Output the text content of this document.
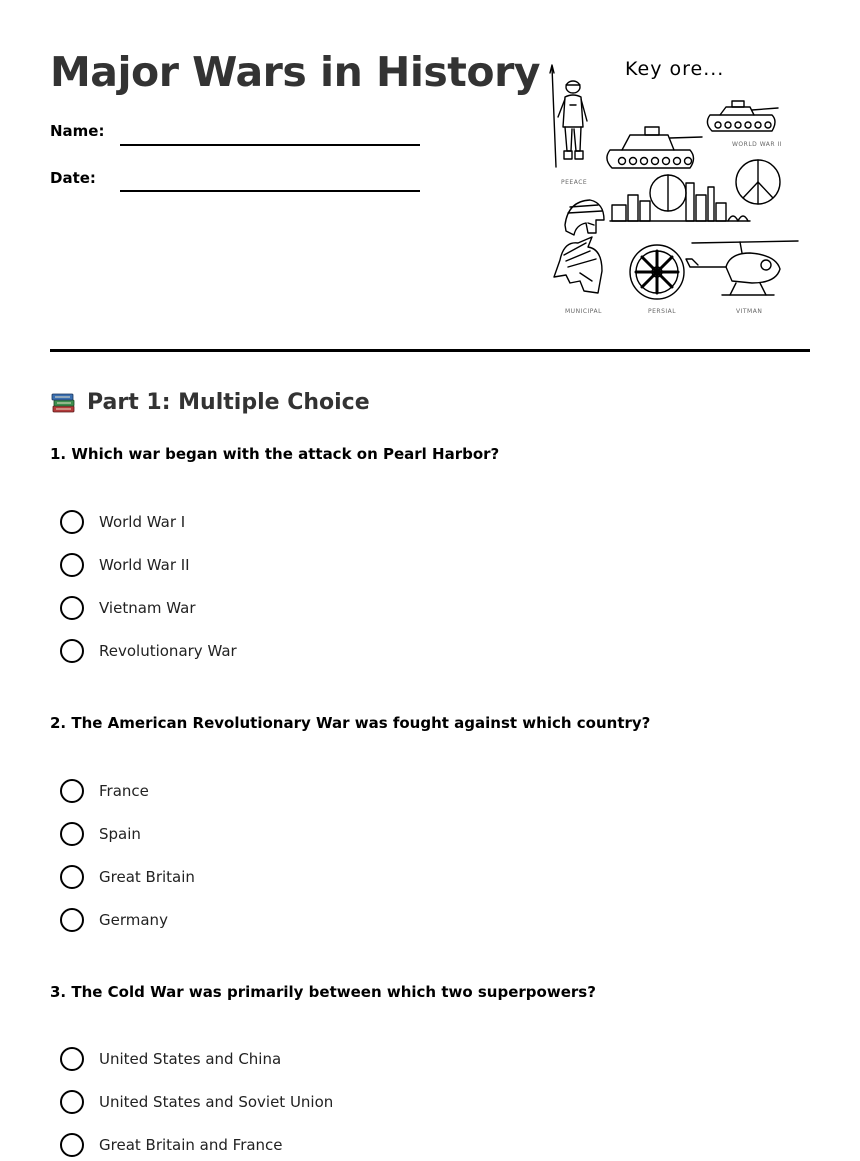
Major Wars in History
Name:
Date:
Key ore...
WORLD WAR II
PEEACE
MUNICIPAL	PERSIAL	VITMAN
Part 1: Multiple Choice
1. Which war began with the attack on Pearl Harbor?
World War I
World War II
Vietnam War
Revolutionary War
2. The American Revolutionary War was fought against which country?
France
Spain
Great Britain
Germany
3. The Cold War was primarily between which two superpowers?
United States and China
United States and Soviet Union
Great Britain and France
